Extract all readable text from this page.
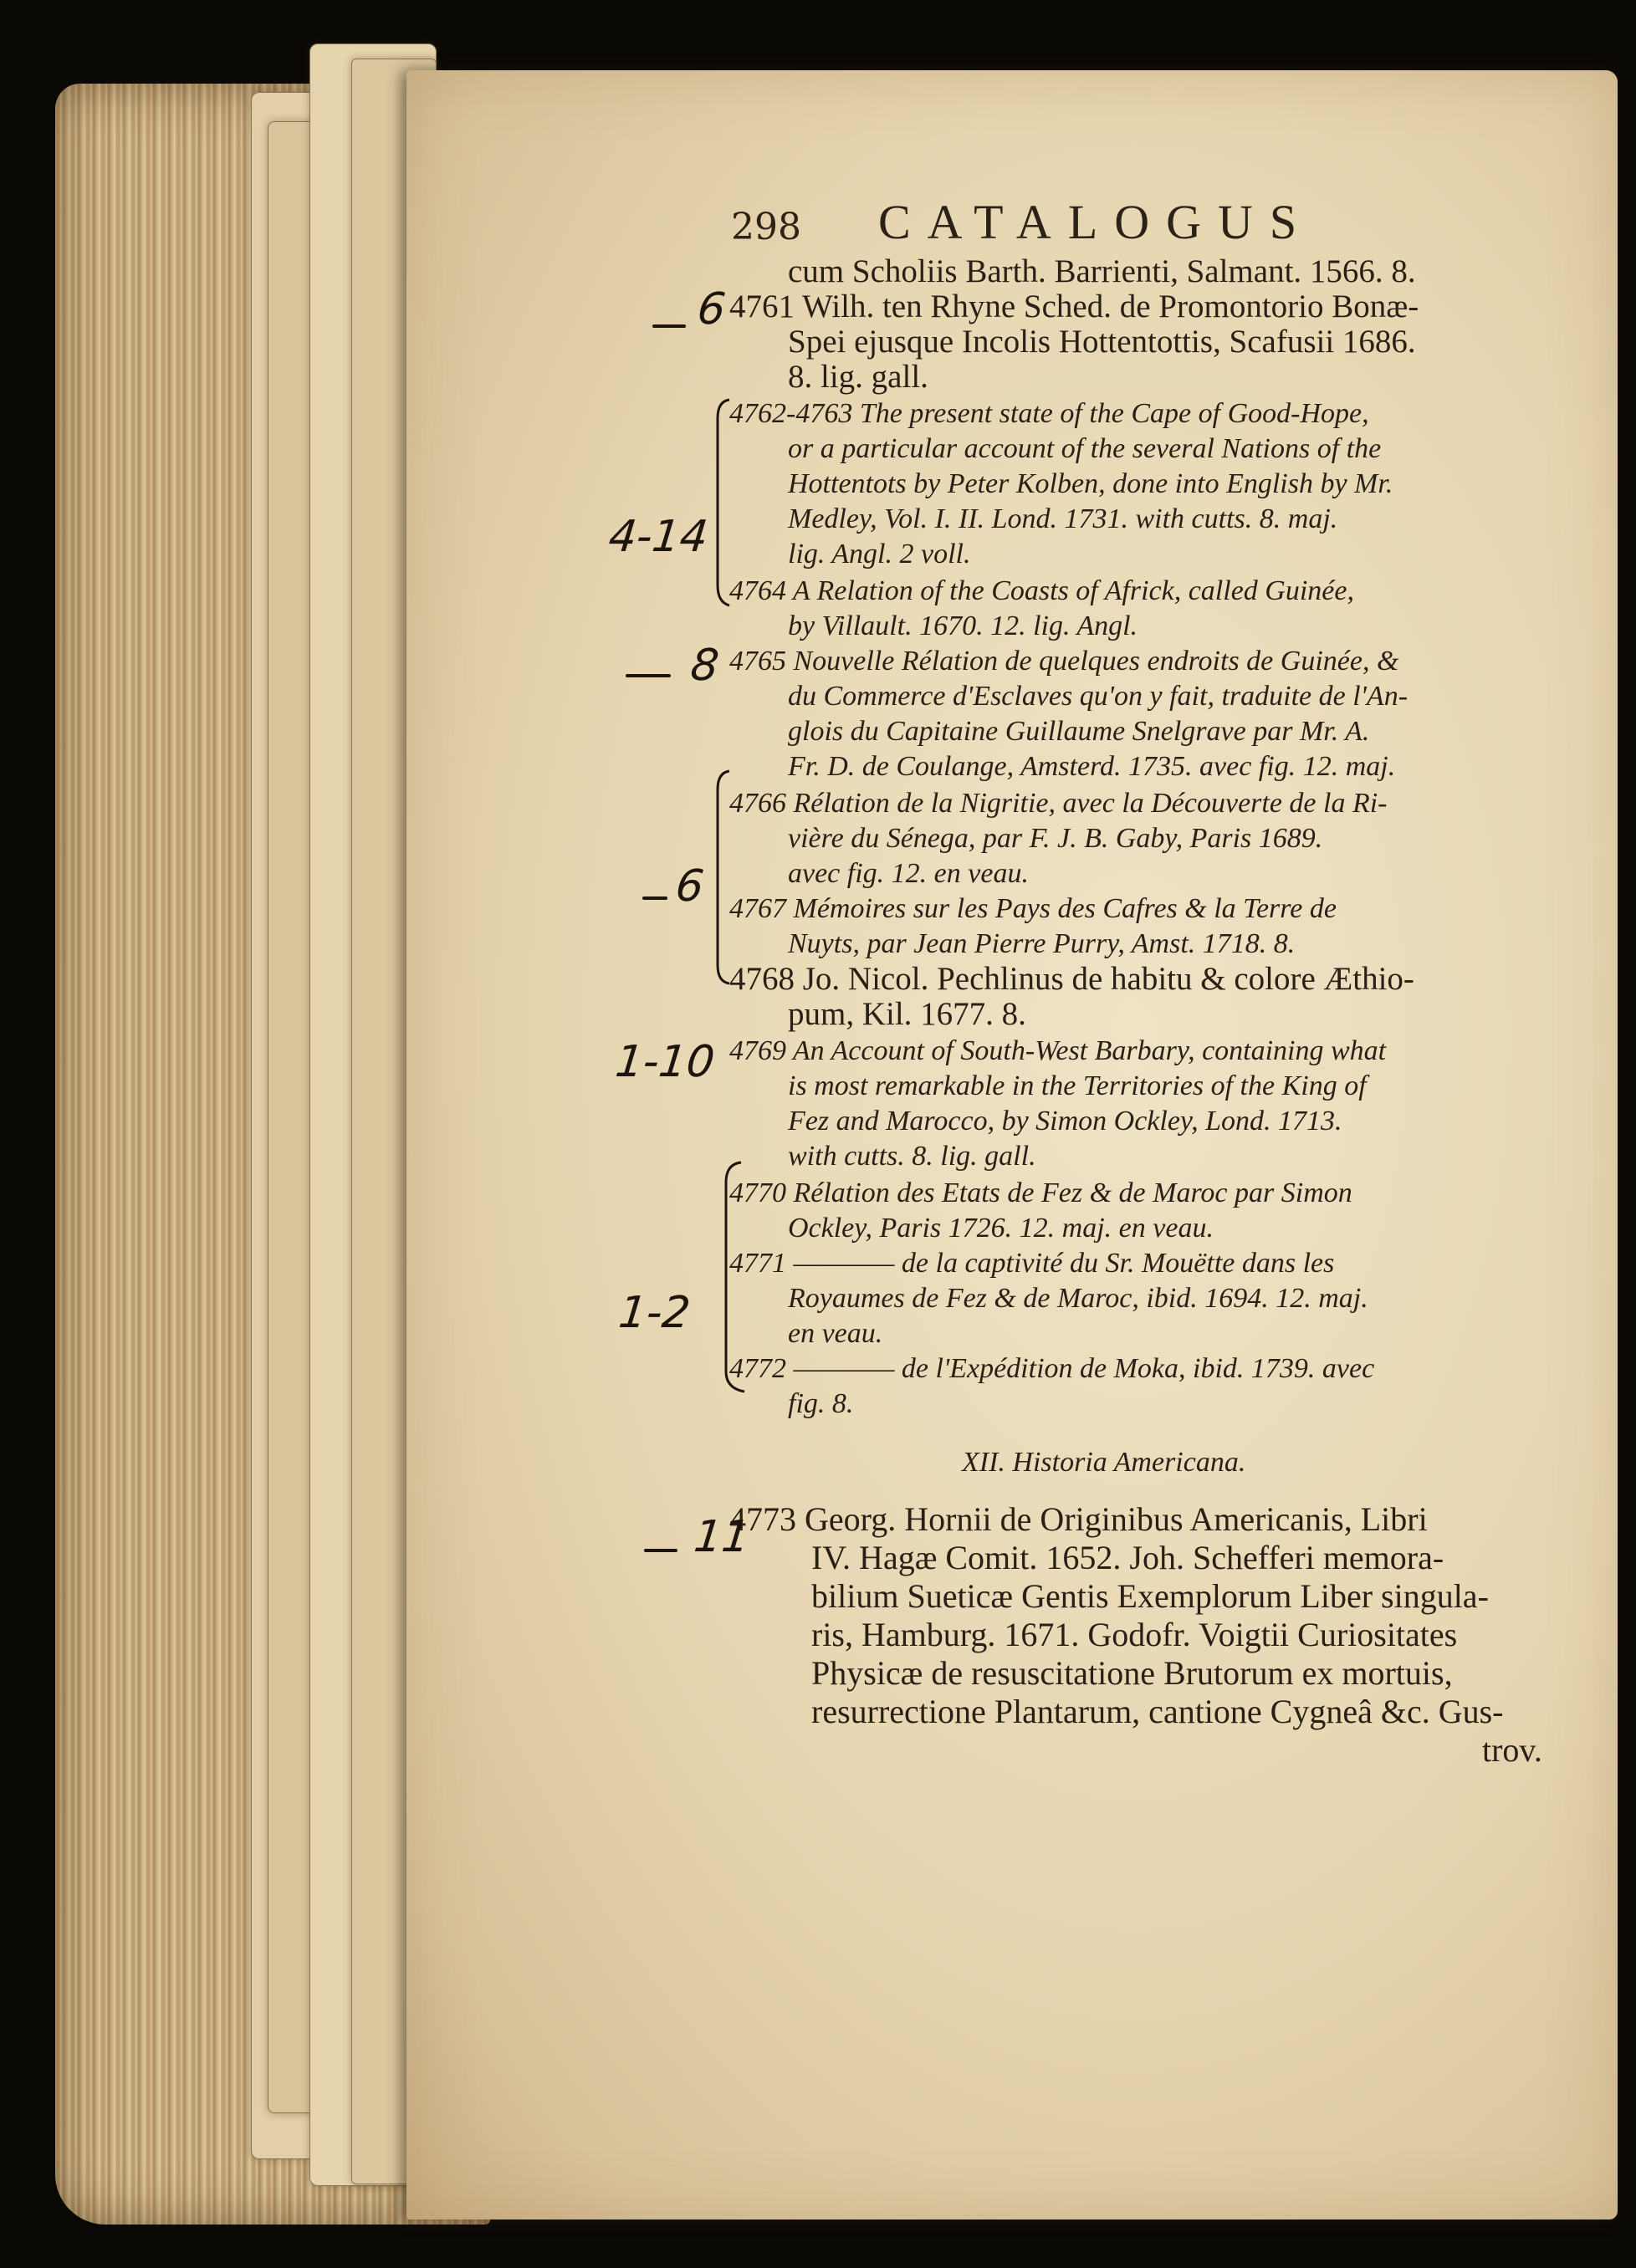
298 CATALOGUS
cum Scholiis Barth. Barrienti, Salmant. 1566. 8.
4761 Wilh. ten Rhyne Sched. de Promontorio Bonæ-
Spei ejusque Incolis Hottentottis, Scafusii 1686.
8. lig. gall.
4762-4763 The present state of the Cape of Good-Hope,
or a particular account of the several Nations of the
Hottentots by Peter Kolben, done into English by Mr.
Medley, Vol. I. II. Lond. 1731. with cutts. 8. maj.
lig. Angl. 2 voll.
4764 A Relation of the Coasts of Africk, called Guinée,
by Villault. 1670. 12. lig. Angl.
4765 Nouvelle Rélation de quelques endroits de Guinée, &
du Commerce d'Esclaves qu'on y fait, traduite de l'An-
glois du Capitaine Guillaume Snelgrave par Mr. A.
Fr. D. de Coulange, Amsterd. 1735. avec fig. 12. maj.
4766 Rélation de la Nigritie, avec la Découverte de la Ri-
vière du Sénega, par F. J. B. Gaby, Paris 1689.
avec fig. 12. en veau.
4767 Mémoires sur les Pays des Cafres & la Terre de
Nuyts, par Jean Pierre Purry, Amst. 1718. 8.
4768 Jo. Nicol. Pechlinus de habitu & colore Æthio-
pum, Kil. 1677. 8.
4769 An Account of South-West Barbary, containing what
is most remarkable in the Territories of the King of
Fez and Marocco, by Simon Ockley, Lond. 1713.
with cutts. 8. lig. gall.
4770 Rélation des Etats de Fez & de Maroc par Simon
Ockley, Paris 1726. 12. maj. en veau.
4771 ———— de la captivité du Sr. Mouëtte dans les
Royaumes de Fez & de Maroc, ibid. 1694. 12. maj.
en veau.
4772 ———— de l'Expédition de Moka, ibid. 1739. avec
fig. 8.
XII. Historia Americana.
4773 Georg. Hornii de Originibus Americanis, Libri
IV. Hagæ Comit. 1652. Joh. Schefferi memora-
bilium Sueticæ Gentis Exemplorum Liber singula-
ris, Hamburg. 1671. Godofr. Voigtii Curiositates
Physicæ de resuscitatione Brutorum ex mortuis,
resurrectione Plantarum, cantione Cygneâ &c. Gus-
trov.
6
4-14
8
6
1-10
1-2
11
